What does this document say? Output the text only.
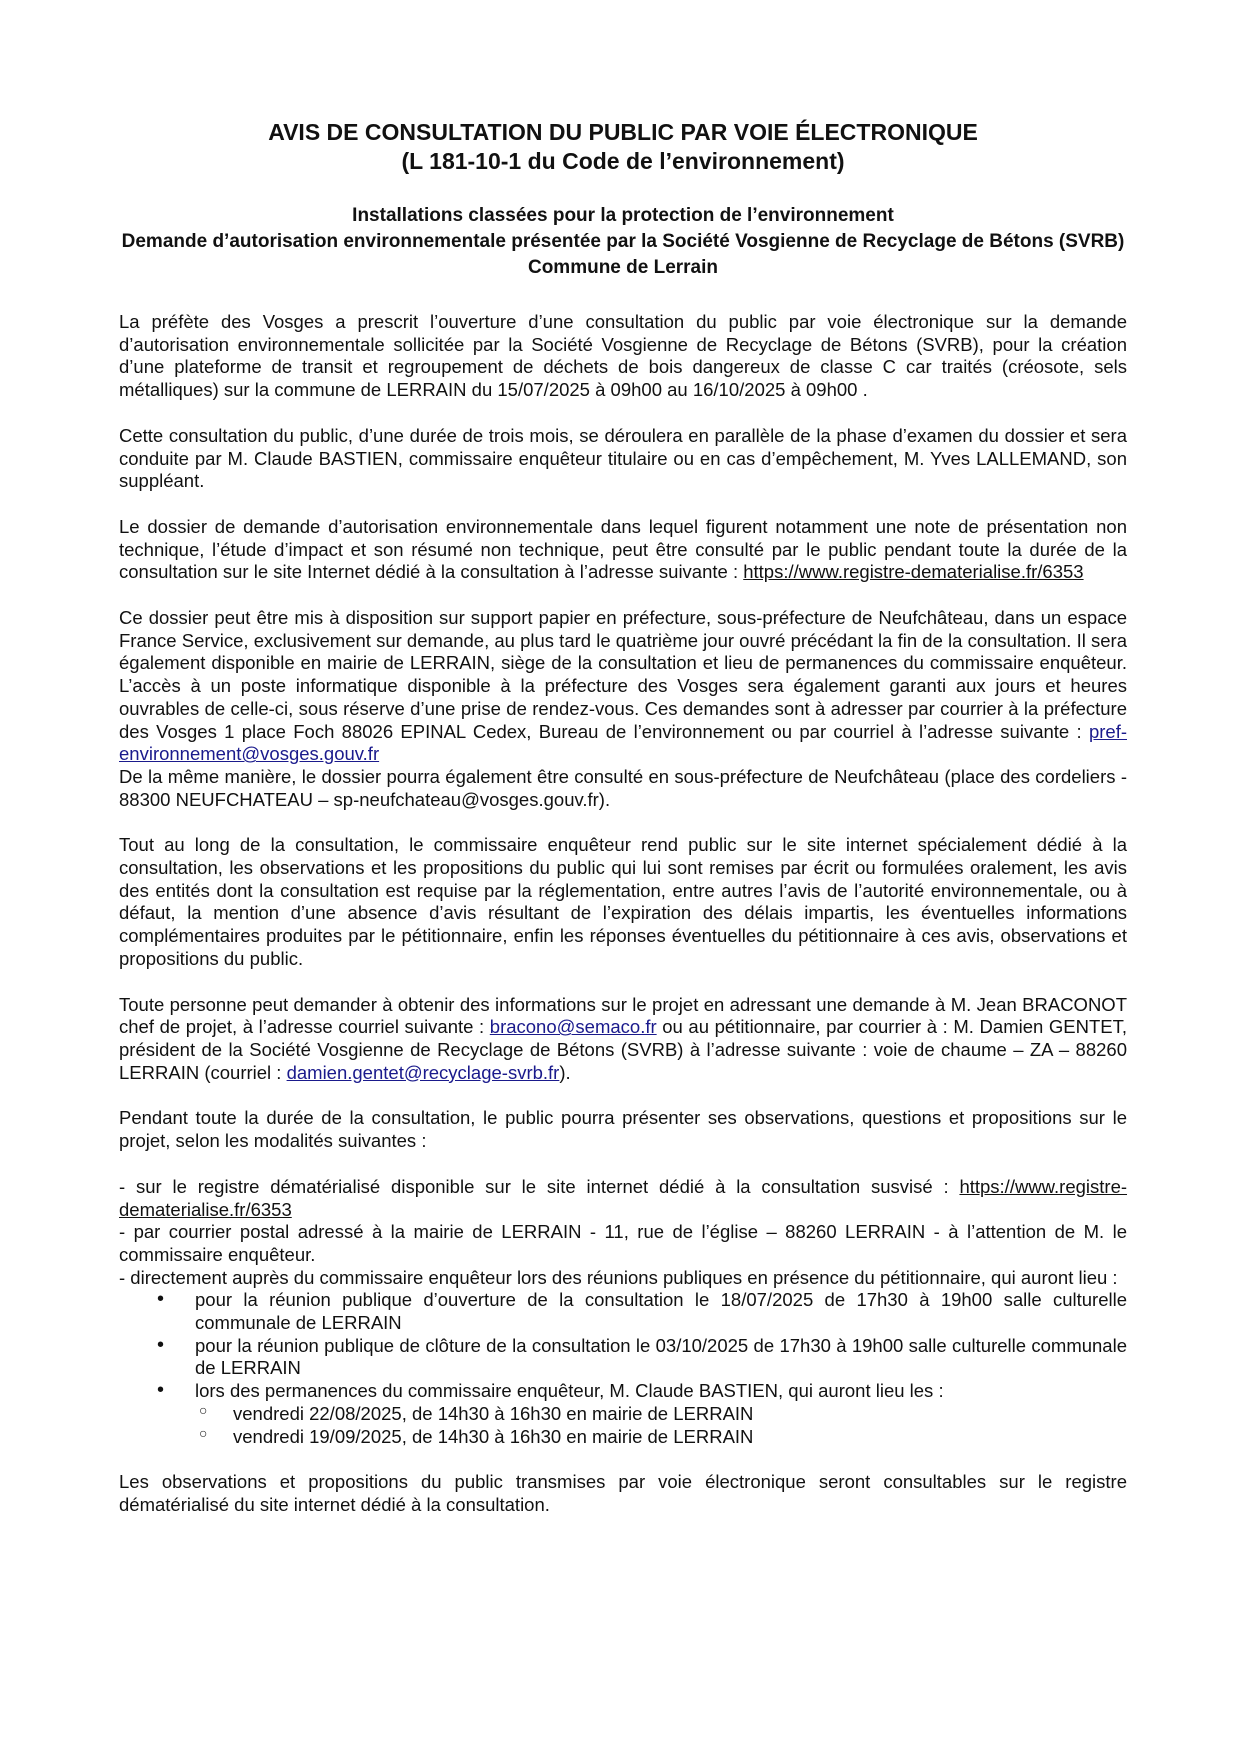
AVIS DE CONSULTATION DU PUBLIC PAR VOIE ÉLECTRONIQUE
(L 181-10-1 du Code de l’environnement)
Installations classées pour la protection de l’environnement
Demande d’autorisation environnementale présentée par la Société Vosgienne de Recyclage de Bétons (SVRB)
Commune de Lerrain

La préfète des Vosges a prescrit l’ouverture d’une consultation du public par voie électronique sur la demande d’autorisation environnementale sollicitée par la Société Vosgienne de Recyclage de Bétons (SVRB), pour la création d’une plateforme de transit et regroupement de déchets de bois dangereux de classe C car traités (créosote, sels métalliques) sur la commune de LERRAIN du 15/07/2025 à 09h00 au 16/10/2025 à 09h00 .

Cette consultation du public, d’une durée de trois mois, se déroulera en parallèle de la phase d’examen du dossier et sera conduite par M. Claude BASTIEN, commissaire enquêteur titulaire ou en cas d’empêchement, M. Yves LALLEMAND, son suppléant.

Le dossier de demande d’autorisation environnementale dans lequel figurent notamment une note de présentation non technique, l’étude d’impact et son résumé non technique, peut être consulté par le public pendant toute la durée de la consultation sur le site Internet dédié à la consultation à l’adresse suivante : https://www.registre-dematerialise.fr/6353

Ce dossier peut être mis à disposition sur support papier en préfecture, sous-préfecture de Neufchâteau, dans un espace France Service, exclusivement sur demande, au plus tard le quatrième jour ouvré précédant la fin de la consultation. Il sera également disponible en mairie de LERRAIN, siège de la consultation et lieu de permanences du commissaire enquêteur. L’accès à un poste informatique disponible à la préfecture des Vosges sera également garanti aux jours et heures ouvrables de celle-ci, sous réserve d’une prise de rendez-vous. Ces demandes sont à adresser par courrier à la préfecture des Vosges 1 place Foch 88026 EPINAL Cedex, Bureau de l’environnement ou par courriel à l’adresse suivante : pref-environnement@vosges.gouv.fr

De la même manière, le dossier pourra également être consulté en sous-préfecture de Neufchâteau (place des cordeliers - 88300 NEUFCHATEAU – sp-neufchateau@vosges.gouv.fr).

Tout au long de la consultation, le commissaire enquêteur rend public sur le site internet spécialement dédié à la consultation, les observations et les propositions du public qui lui sont remises par écrit ou formulées oralement, les avis des entités dont la consultation est requise par la réglementation, entre autres l’avis de l’autorité environnementale, ou à défaut, la mention d’une absence d’avis résultant de l’expiration des délais impartis, les éventuelles informations complémentaires produites par le pétitionnaire, enfin les réponses éventuelles du pétitionnaire à ces avis, observations et propositions du public.

Toute personne peut demander à obtenir des informations sur le projet en adressant une demande à M. Jean BRACONOT chef de projet, à l’adresse courriel suivante : bracono@semaco.fr ou au pétitionnaire, par courrier à : M. Damien GENTET, président de la Société Vosgienne de Recyclage de Bétons (SVRB) à l’adresse suivante : voie de chaume – ZA – 88260 LERRAIN (courriel : damien.gentet@recyclage-svrb.fr).

Pendant toute la durée de la consultation, le public pourra présenter ses observations, questions et propositions sur le projet, selon les modalités suivantes :

- sur le registre dématérialisé disponible sur le site internet dédié à la consultation susvisé : https://www.registre-dematerialise.fr/6353

- par courrier postal adressé à la mairie de LERRAIN - 11, rue de l’église – 88260 LERRAIN - à l’attention de M. le commissaire enquêteur.

- directement auprès du commissaire enquêteur lors des réunions publiques en présence du pétitionnaire, qui auront lieu :

• pour la réunion publique d’ouverture de la consultation le 18/07/2025 de 17h30 à 19h00 salle culturelle communale de LERRAIN
• pour la réunion publique de clôture de la consultation le 03/10/2025 de 17h30 à 19h00 salle culturelle communale de LERRAIN
• lors des permanences du commissaire enquêteur, M. Claude BASTIEN, qui auront lieu les :
○ vendredi 22/08/2025, de 14h30 à 16h30 en mairie de LERRAIN
○ vendredi 19/09/2025, de 14h30 à 16h30 en mairie de LERRAIN

Les observations et propositions du public transmises par voie électronique seront consultables sur le registre dématérialisé du site internet dédié à la consultation.
